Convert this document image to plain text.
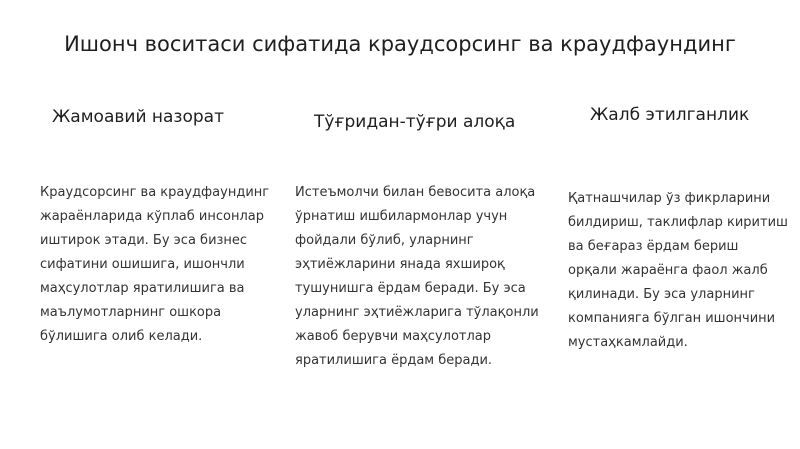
Ишонч воситаси сифатида краудсорсинг ва краудфаундинг
Жамоавий назорат

Краудсорсинг ва краудфаундинг жараёнларида кўплаб инсонлар иштирок этади. Бу эса бизнес сифатини ошишига, ишончли маҳсулотлар яратилишига ва маълумотларнинг ошкора бўлишига олиб келади.

Тўғридан-тўғри алоқа

Истеъмолчи билан бевосита алоқа ўрнатиш ишбилармонлар учун фойдали бўлиб, уларнинг эҳтиёжларини янада яхшироқ тушунишга ёрдам беради. Бу эса уларнинг эҳтиёжларига тўлақонли жавоб берувчи маҳсулотлар яратилишига ёрдам беради.

Жалб этилганлик

Қатнашчилар ўз фикрларини билдириш, таклифлар киритиш ва беғараз ёрдам бериш орқали жараёнга фаол жалб қилинади. Бу эса уларнинг компанияга бўлган ишончини мустаҳкамлайди.
